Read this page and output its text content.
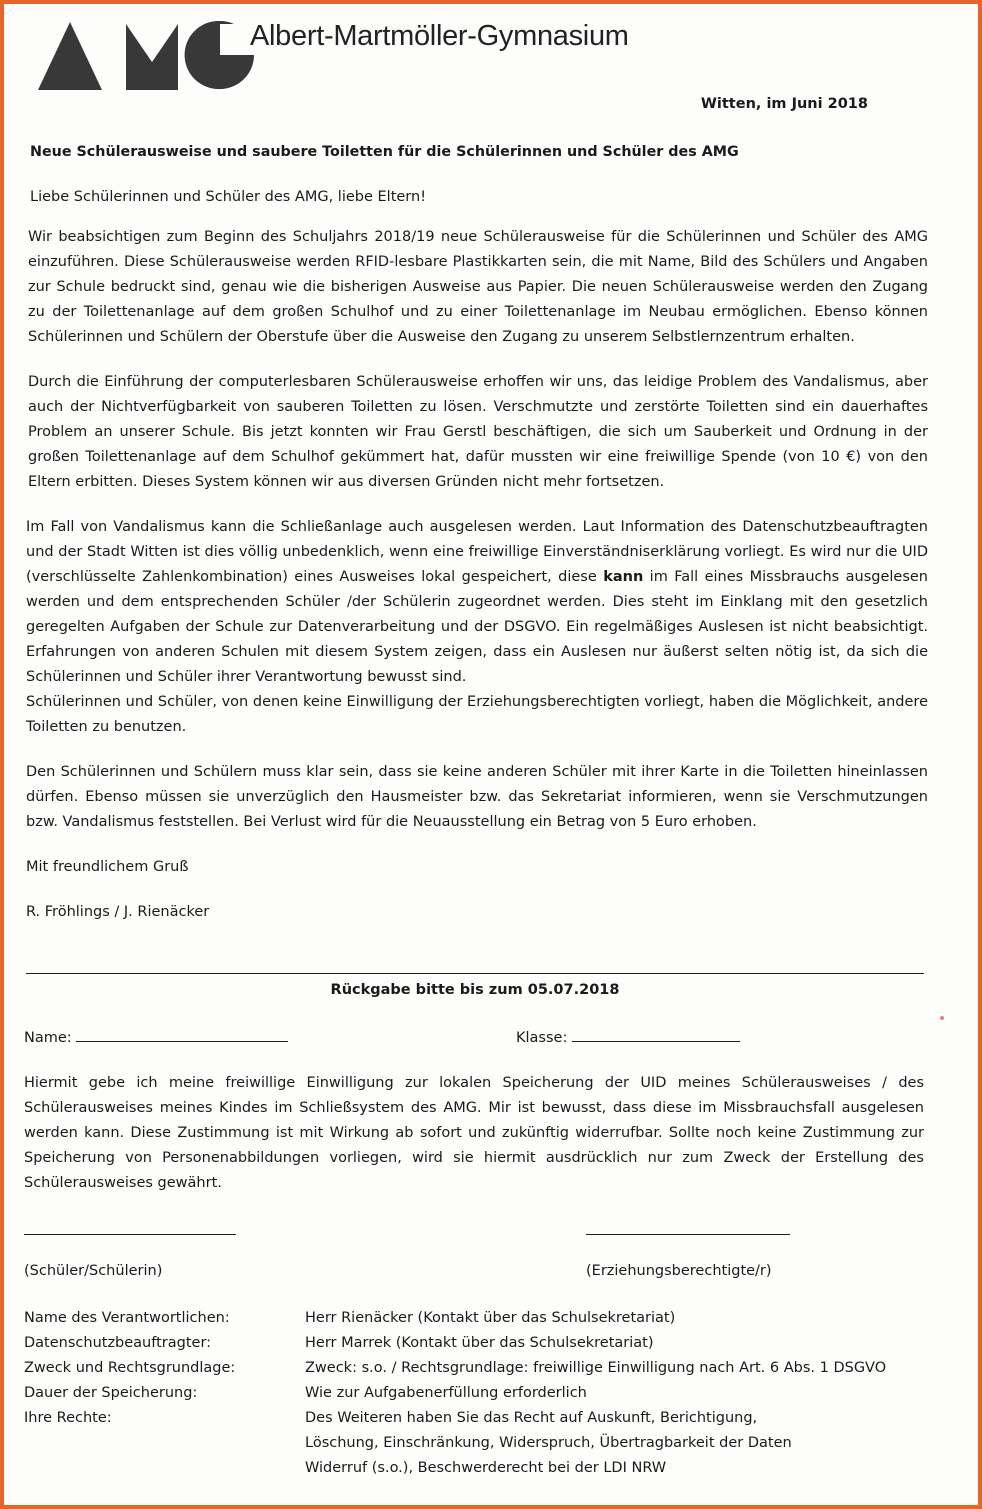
Albert-Martmöller-Gymnasium
Witten, im Juni 2018
Neue Schülerausweise und saubere Toiletten für die Schülerinnen und Schüler des AMG
Liebe Schülerinnen und Schüler des AMG, liebe Eltern!

Wir beabsichtigen zum Beginn des Schuljahrs 2018/19 neue Schülerausweise für die Schülerinnen und Schüler des AMG einzuführen. Diese Schülerausweise werden RFID-lesbare Plastikkarten sein, die mit Name, Bild des Schülers und Angaben zur Schule bedruckt sind, genau wie die bisherigen Ausweise aus Papier. Die neuen Schülerausweise werden den Zugang zu der Toilettenanlage auf dem großen Schulhof und zu einer Toilettenanlage im Neubau ermöglichen. Ebenso können Schülerinnen und Schülern der Oberstufe über die Ausweise den Zugang zu unserem Selbstlernzentrum erhalten.

Durch die Einführung der computerlesbaren Schülerausweise erhoffen wir uns, das leidige Problem des Vandalismus, aber auch der Nichtverfügbarkeit von sauberen Toiletten zu lösen. Verschmutzte und zerstörte Toiletten sind ein dauerhaftes Problem an unserer Schule. Bis jetzt konnten wir Frau Gerstl beschäftigen, die sich um Sauberkeit und Ordnung in der großen Toilettenanlage auf dem Schulhof gekümmert hat, dafür mussten wir eine freiwillige Spende (von 10 €) von den Eltern erbitten. Dieses System können wir aus diversen Gründen nicht mehr fortsetzen.

Im Fall von Vandalismus kann die Schließanlage auch ausgelesen werden. Laut Information des Datenschutzbeauftragten und der Stadt Witten ist dies völlig unbedenklich, wenn eine freiwillige Einverständniserklärung vorliegt. Es wird nur die UID (verschlüsselte Zahlenkombination) eines Ausweises lokal gespeichert, diese kann im Fall eines Missbrauchs ausgelesen werden und dem entsprechenden Schüler /der Schülerin zugeordnet werden. Dies steht im Einklang mit den gesetzlich geregelten Aufgaben der Schule zur Datenverarbeitung und der DSGVO. Ein regelmäßiges Auslesen ist nicht beabsichtigt. Erfahrungen von anderen Schulen mit diesem System zeigen, dass ein Auslesen nur äußerst selten nötig ist, da sich die Schülerinnen und Schüler ihrer Verantwortung bewusst sind.
Schülerinnen und Schüler, von denen keine Einwilligung der Erziehungsberechtigten vorliegt, haben die Möglichkeit, andere Toiletten zu benutzen.

Den Schülerinnen und Schülern muss klar sein, dass sie keine anderen Schüler mit ihrer Karte in die Toiletten hineinlassen dürfen. Ebenso müssen sie unverzüglich den Hausmeister bzw. das Sekretariat informieren, wenn sie Verschmutzungen bzw. Vandalismus feststellen. Bei Verlust wird für die Neuausstellung ein Betrag von 5 Euro erhoben.

Mit freundlichem Gruß
R. Fröhlings / J. Rienäcker
Rückgabe bitte bis zum 05.07.2018
Name:	Klasse:
Hiermit gebe ich meine freiwillige Einwilligung zur lokalen Speicherung der UID meines Schülerausweises / des Schülerausweises meines Kindes im Schließsystem des AMG. Mir ist bewusst, dass diese im Missbrauchsfall ausgelesen werden kann. Diese Zustimmung ist mit Wirkung ab sofort und zukünftig widerrufbar. Sollte noch keine Zustimmung zur Speicherung von Personenabbildungen vorliegen, wird sie hiermit ausdrücklich nur zum Zweck der Erstellung des Schülerausweises gewährt.
(Schüler/Schülerin)	(Erziehungsberechtigte/r)
Name des Verantwortlichen:	Herr Rienäcker (Kontakt über das Schulsekretariat)
Datenschutzbeauftragter:	Herr Marrek (Kontakt über das Schulsekretariat)
Zweck und Rechtsgrundlage:	Zweck: s.o. / Rechtsgrundlage: freiwillige Einwilligung nach Art. 6 Abs. 1 DSGVO
Dauer der Speicherung:	Wie zur Aufgabenerfüllung erforderlich
Ihre Rechte:	Des Weiteren haben Sie das Recht auf Auskunft, Berichtigung,
Löschung, Einschränkung, Widerspruch, Übertragbarkeit der Daten
Widerruf (s.o.), Beschwerderecht bei der LDI NRW
